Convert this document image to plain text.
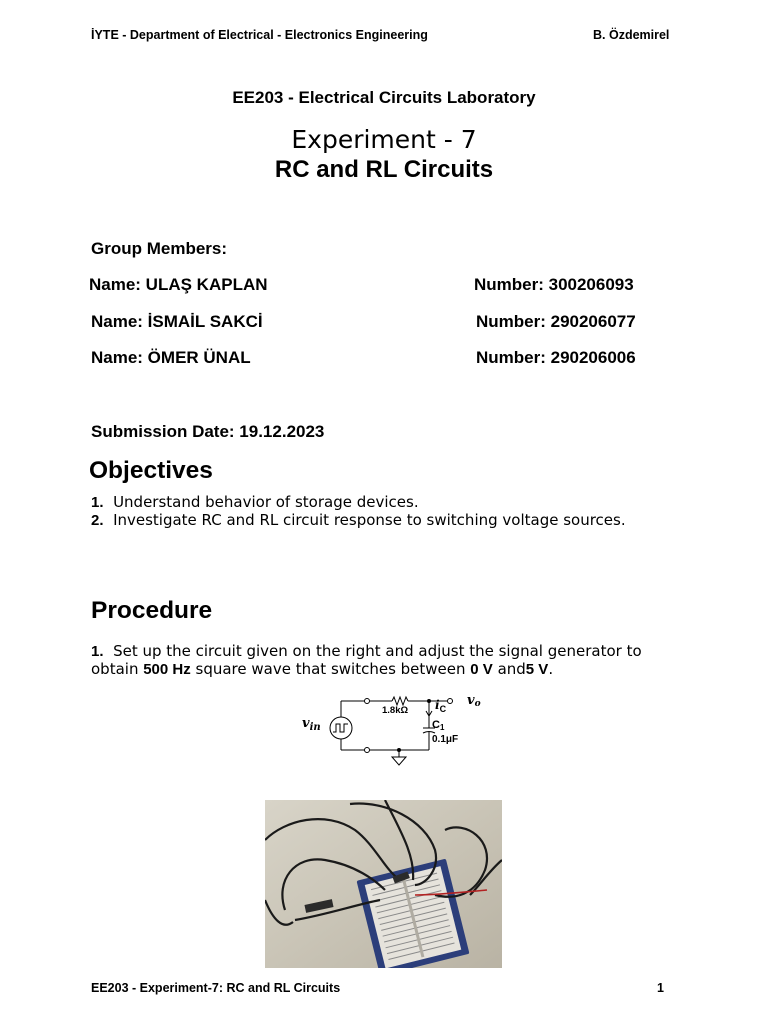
İYTE - Department of Electrical - Electronics Engineering	B. Özdemirel
EE203 - Electrical Circuits Laboratory
Experiment - 7
RC and RL Circuits
Group Members:
Name: ULAŞ KAPLAN	Number: 300206093
Name: İSMAİL SAKCİ	Number: 290206077
Name: ÖMER ÜNAL	Number: 290206006
Submission Date: 19.12.2023
Objectives
1. Understand behavior of storage devices.
2. Investigate RC and RL circuit response to switching voltage sources.
Procedure
1. Set up the circuit given on the right and adjust the signal generator to
obtain 500 Hz square wave that switches between 0 V and5 V.
$v_{in}$
vo
1.8kΩ $i_C$
C1
0.1μF
EE203 - Experiment-7: RC and RL Circuits	1
